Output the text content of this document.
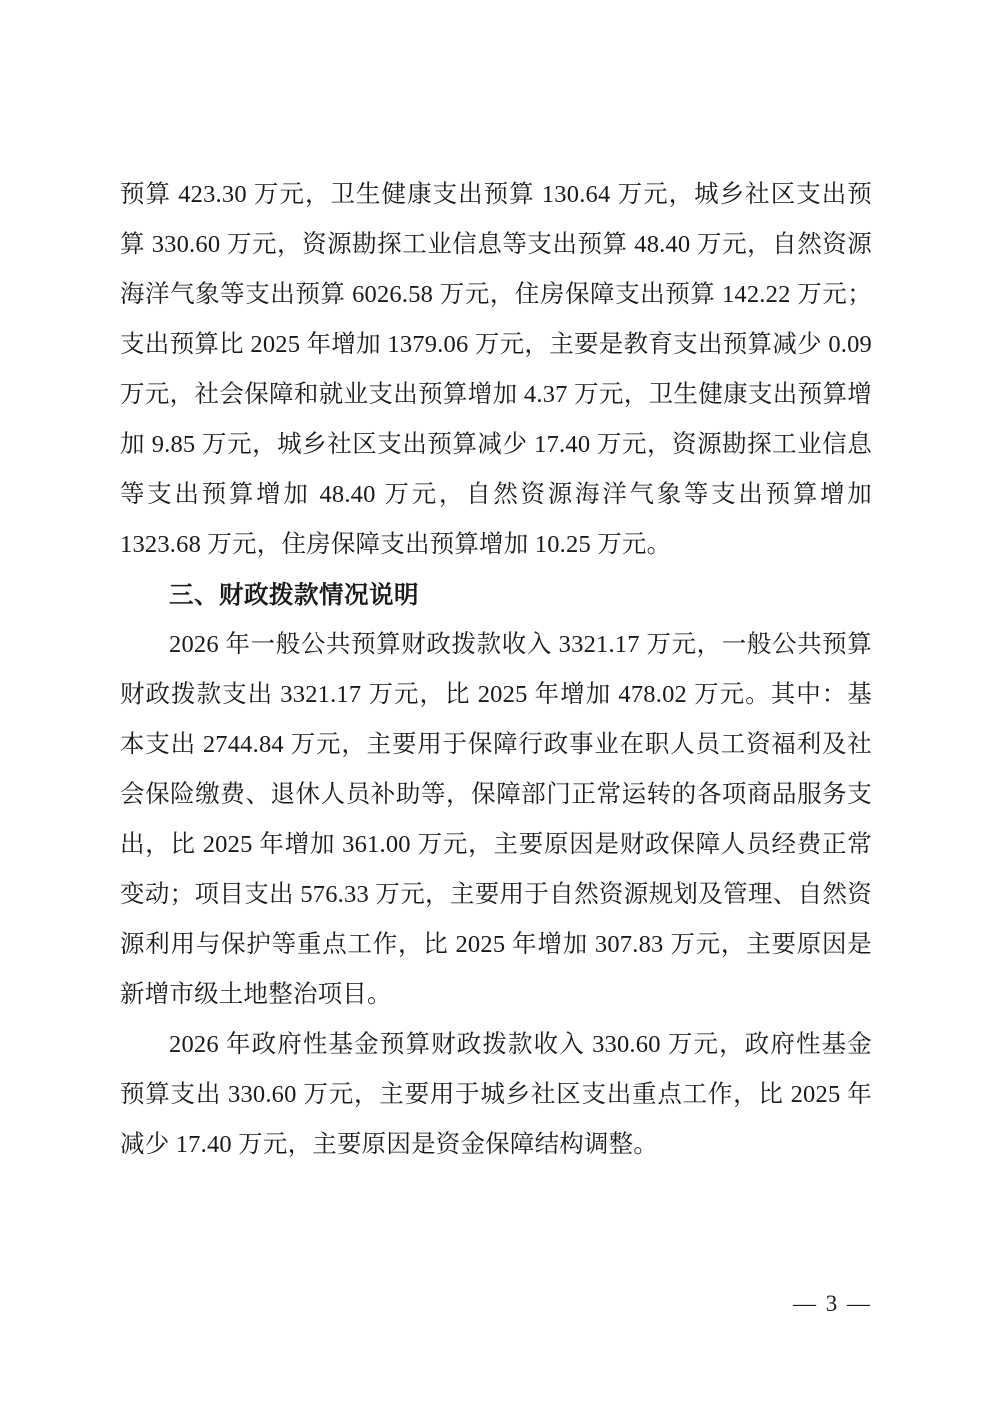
预算 423.30 万元，卫生健康支出预算 130.64 万元，城乡社区支出预算 330.60 万元，资源勘探工业信息等支出预算 48.40 万元，自然资源海洋气象等支出预算 6026.58 万元，住房保障支出预算 142.22 万元；支出预算比 2025 年增加 1379.06 万元，主要是教育支出预算减少 0.09 万元，社会保障和就业支出预算增加 4.37 万元，卫生健康支出预算增加 9.85 万元，城乡社区支出预算减少 17.40 万元，资源勘探工业信息等支出预算增加 48.40 万元，自然资源海洋气象等支出预算增加 1323.68 万元，住房保障支出预算增加 10.25 万元。

三、财政拨款情况说明

2026 年一般公共预算财政拨款收入 3321.17 万元，一般公共预算财政拨款支出 3321.17 万元，比 2025 年增加 478.02 万元。其中：基本支出 2744.84 万元，主要用于保障行政事业在职人员工资福利及社会保险缴费、退休人员补助等，保障部门正常运转的各项商品服务支出，比 2025 年增加 361.00 万元，主要原因是财政保障人员经费正常变动；项目支出 576.33 万元，主要用于自然资源规划及管理、自然资源利用与保护等重点工作，比 2025 年增加 307.83 万元，主要原因是新增市级土地整治项目。

2026 年政府性基金预算财政拨款收入 330.60 万元，政府性基金预算支出 330.60 万元，主要用于城乡社区支出重点工作，比 2025 年减少 17.40 万元，主要原因是资金保障结构调整。

— 3 —
